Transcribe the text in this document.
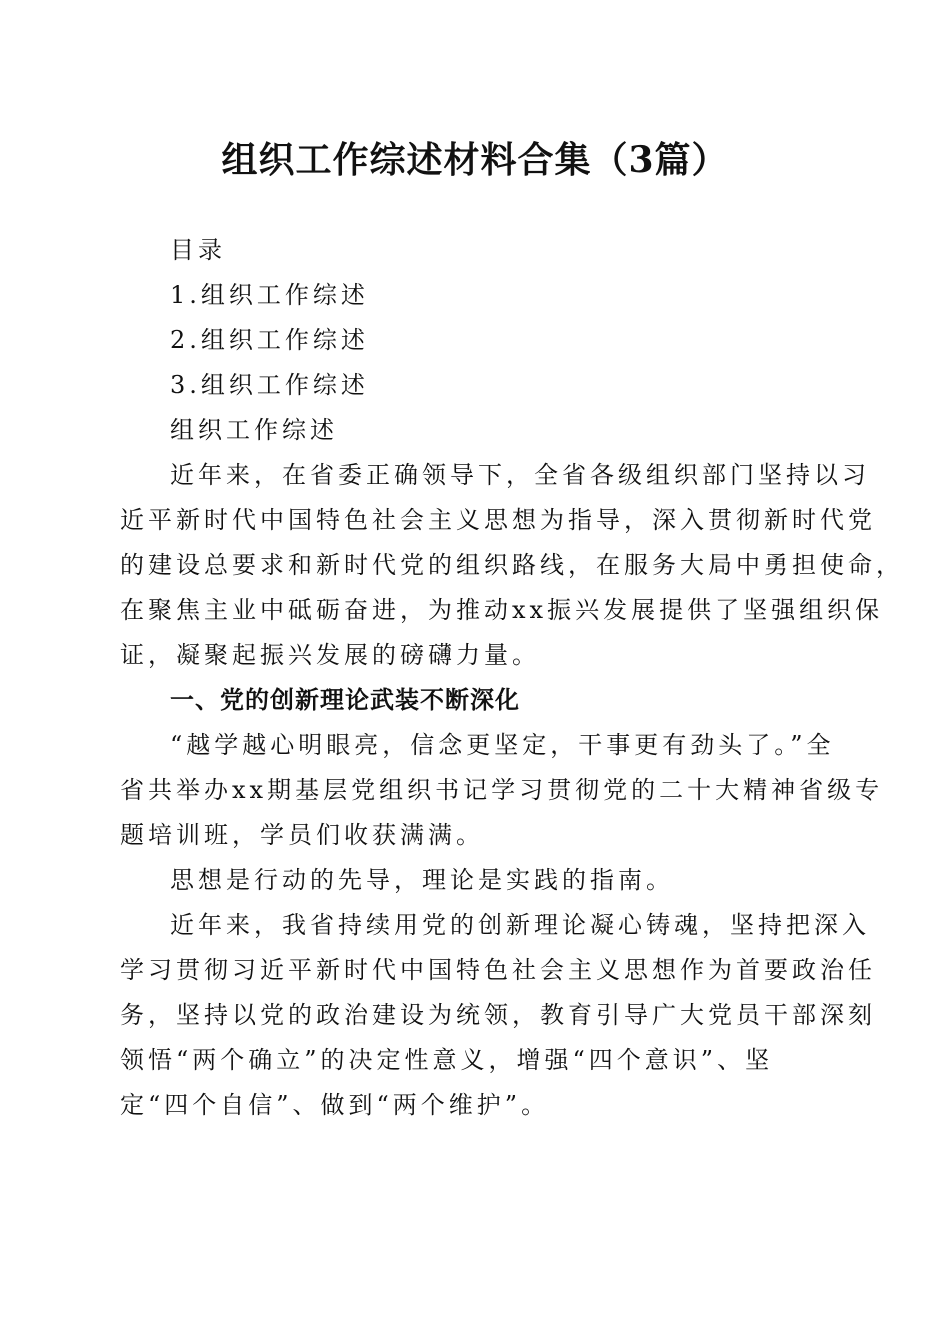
组织工作综述材料合集（3篇）

目录

1.组织工作综述

2.组织工作综述

3.组织工作综述

组织工作综述

近年来，在省委正确领导下，全省各级组织部门坚持以习

近平新时代中国特色社会主义思想为指导，深入贯彻新时代党

的建设总要求和新时代党的组织路线，在服务大局中勇担使命，

在聚焦主业中砥砺奋进，为推动xx振兴发展提供了坚强组织保

证，凝聚起振兴发展的磅礴力量。

一、党的创新理论武装不断深化

“越学越心明眼亮，信念更坚定，干事更有劲头了。”全

省共举办xx期基层党组织书记学习贯彻党的二十大精神省级专

题培训班，学员们收获满满。

思想是行动的先导，理论是实践的指南。

近年来，我省持续用党的创新理论凝心铸魂，坚持把深入

学习贯彻习近平新时代中国特色社会主义思想作为首要政治任

务，坚持以党的政治建设为统领，教育引导广大党员干部深刻

领悟“两个确立”的决定性意义，增强“四个意识”、坚

定“四个自信”、做到“两个维护”。
